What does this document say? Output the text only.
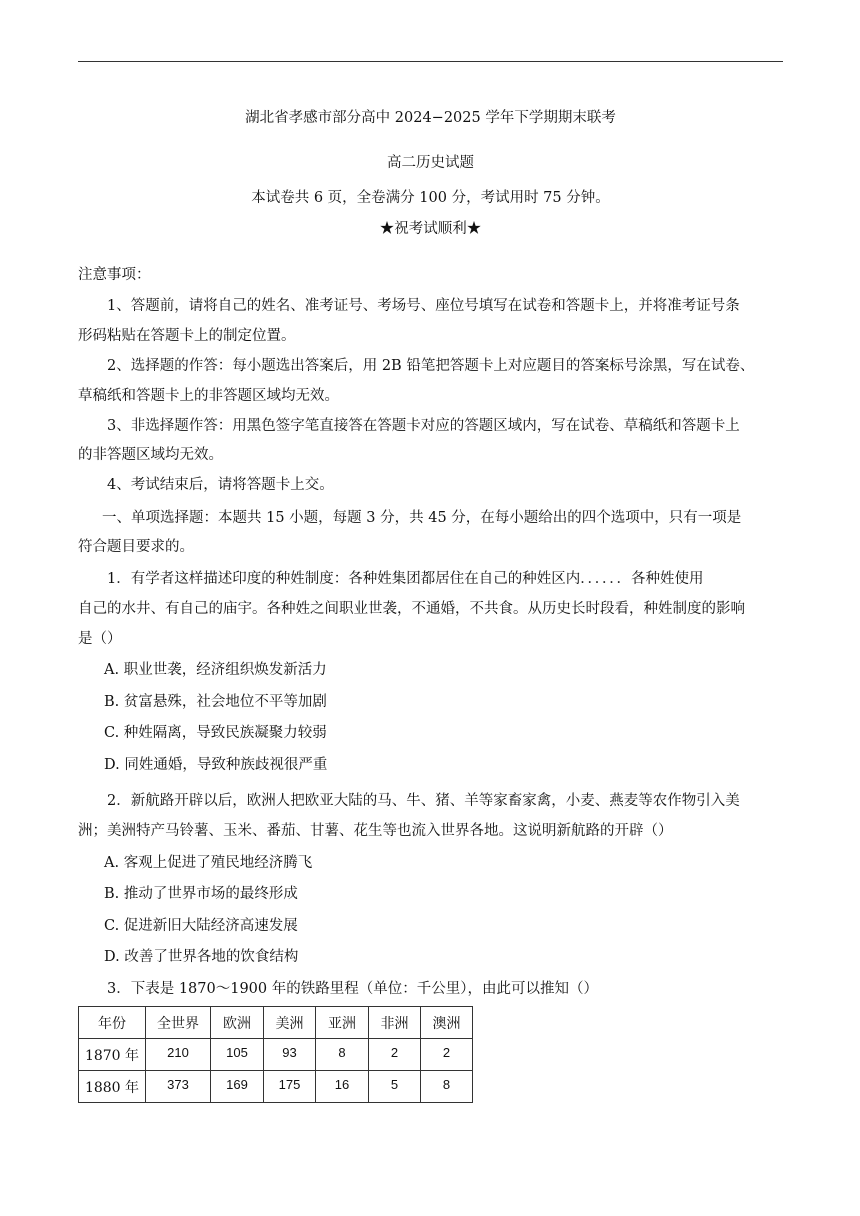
湖北省孝感市部分高中 2024−2025 学年下学期期末联考
高二历史试题
本试卷共 6 页，全卷满分 100 分，考试用时 75 分钟。
★祝考试顺利★
注意事项：
1、答题前，请将自己的姓名、准考证号、考场号、座位号填写在试卷和答题卡上，并将准考证号条
形码粘贴在答题卡上的制定位置。
2、选择题的作答：每小题选出答案后，用 2B 铅笔把答题卡上对应题目的答案标号涂黑，写在试卷、
草稿纸和答题卡上的非答题区域均无效。
3、非选择题作答：用黑色签字笔直接答在答题卡对应的答题区域内，写在试卷、草稿纸和答题卡上
的非答题区域均无效。
4、考试结束后，请将答题卡上交。
一、单项选择题：本题共 15 小题，每题 3 分，共 45 分，在每小题给出的四个选项中，只有一项是
符合题目要求的。
1．有学者这样描述印度的种姓制度：各种姓集团都居住在自己的种姓区内．．．．．．各种姓使用
自己的水井、有自己的庙宇。各种姓之间职业世袭，不通婚，不共食。从历史长时段看，种姓制度的影响
是（）
A. 职业世袭，经济组织焕发新活力
B. 贫富悬殊，社会地位不平等加剧
C. 种姓隔离，导致民族凝聚力较弱
D. 同姓通婚，导致种族歧视很严重
2．新航路开辟以后，欧洲人把欧亚大陆的马、牛、猪、羊等家畜家禽，小麦、燕麦等农作物引入美
洲；美洲特产马铃薯、玉米、番茄、甘薯、花生等也流入世界各地。这说明新航路的开辟（）
A. 客观上促进了殖民地经济腾飞
B. 推动了世界市场的最终形成
C. 促进新旧大陆经济高速发展
D. 改善了世界各地的饮食结构
3．下表是 1870～1900 年的铁路里程（单位：千公里），由此可以推知（）
年份	全世界	欧洲	美洲	亚洲	非洲	澳洲
1870 年	210	105	93	8	2	2
1880 年	373	169	175	16	5	8
